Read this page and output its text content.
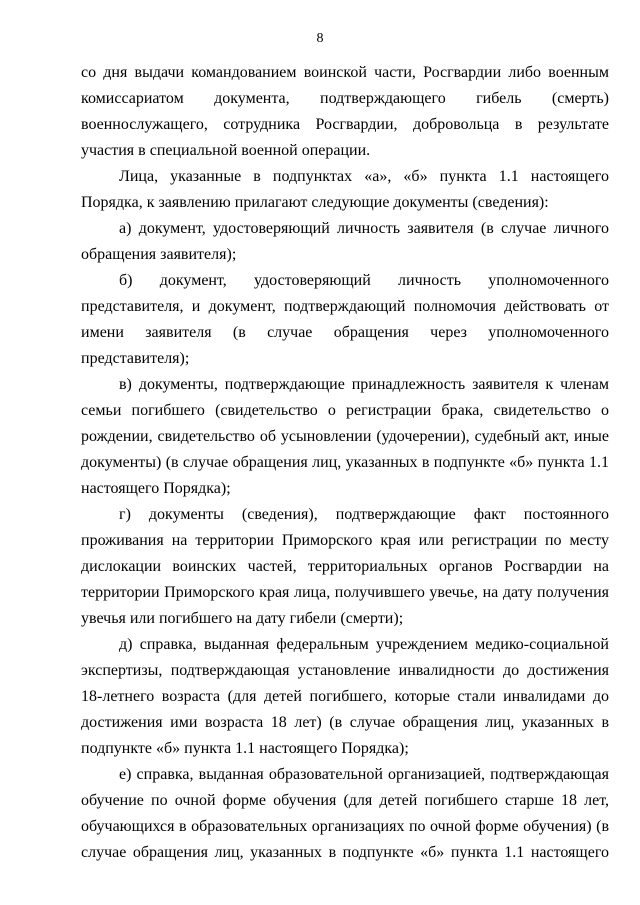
8

со дня выдачи командованием воинской части, Росгвардии либо военным комиссариатом документа, подтверждающего гибель (смерть) военнослужащего, сотрудника Росгвардии, добровольца в результате участия в специальной военной операции.

Лица, указанные в подпунктах «а», «б» пункта 1.1 настоящего Порядка, к заявлению прилагают следующие документы (сведения):

а) документ, удостоверяющий личность заявителя (в случае личного обращения заявителя);

б) документ, удостоверяющий личность уполномоченного представителя, и документ, подтверждающий полномочия действовать от имени заявителя (в случае обращения через уполномоченного представителя);

в) документы, подтверждающие принадлежность заявителя к членам семьи погибшего (свидетельство о регистрации брака, свидетельство о рождении, свидетельство об усыновлении (удочерении), судебный акт, иные документы) (в случае обращения лиц, указанных в подпункте «б» пункта 1.1 настоящего Порядка);

г) документы (сведения), подтверждающие факт постоянного проживания на территории Приморского края или регистрации по месту дислокации воинских частей, территориальных органов Росгвардии на территории Приморского края лица, получившего увечье, на дату получения увечья или погибшего на дату гибели (смерти);

д) справка, выданная федеральным учреждением медико-социальной экспертизы, подтверждающая установление инвалидности до достижения 18-летнего возраста (для детей погибшего, которые стали инвалидами до достижения ими возраста 18 лет) (в случае обращения лиц, указанных в подпункте «б» пункта 1.1 настоящего Порядка);

е) справка, выданная образовательной организацией, подтверждающая обучение по очной форме обучения (для детей погибшего старше 18 лет, обучающихся в образовательных организациях по очной форме обучения) (в случае обращения лиц, указанных в подпункте «б» пункта 1.1 настоящего
